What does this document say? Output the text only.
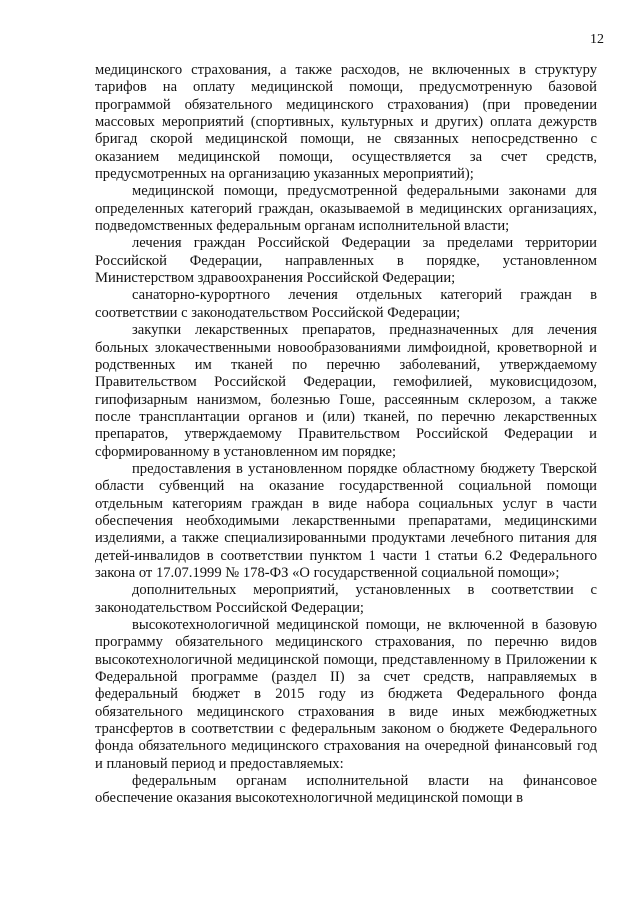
12

медицинского страхования, а также расходов, не включенных в структуру тарифов на оплату медицинской помощи, предусмотренную базовой программой обязательного медицинского страхования) (при проведении массовых мероприятий (спортивных, культурных и других) оплата дежурств бригад скорой медицинской помощи, не связанных непосредственно с оказанием медицинской помощи, осуществляется за счет средств, предусмотренных на организацию указанных мероприятий);

медицинской помощи, предусмотренной федеральными законами для определенных категорий граждан, оказываемой в медицинских организациях, подведомственных федеральным органам исполнительной власти;

лечения граждан Российской Федерации за пределами территории Российской Федерации, направленных в порядке, установленном Министерством здравоохранения Российской Федерации;

санаторно-курортного лечения отдельных категорий граждан в соответствии с законодательством Российской Федерации;

закупки лекарственных препаратов, предназначенных для лечения больных злокачественными новообразованиями лимфоидной, кроветворной и родственных им тканей по перечню заболеваний, утверждаемому Правительством Российской Федерации, гемофилией, муковисцидозом, гипофизарным нанизмом, болезнью Гоше, рассеянным склерозом, а также после трансплантации органов и (или) тканей, по перечню лекарственных препаратов, утверждаемому Правительством Российской Федерации и сформированному в установленном им порядке;

предоставления в установленном порядке областному бюджету Тверской области субвенций на оказание государственной социальной помощи отдельным категориям граждан в виде набора социальных услуг в части обеспечения необходимыми лекарственными препаратами, медицинскими изделиями, а также специализированными продуктами лечебного питания для детей-инвалидов в соответствии пунктом 1 части 1 статьи 6.2 Федерального закона от 17.07.1999 № 178-ФЗ «О государственной социальной помощи»;

дополнительных мероприятий, установленных в соответствии с законодательством Российской Федерации;

высокотехнологичной медицинской помощи, не включенной в базовую программу обязательного медицинского страхования, по перечню видов высокотехнологичной медицинской помощи, представленному в Приложении к Федеральной программе (раздел II) за счет средств, направляемых в федеральный бюджет в 2015 году из бюджета Федерального фонда обязательного медицинского страхования в виде иных межбюджетных трансфертов в соответствии с федеральным законом о бюджете Федерального фонда обязательного медицинского страхования на очередной финансовый год и плановый период и предоставляемых:

федеральным органам исполнительной власти на финансовое обеспечение оказания высокотехнологичной медицинской помощи в
